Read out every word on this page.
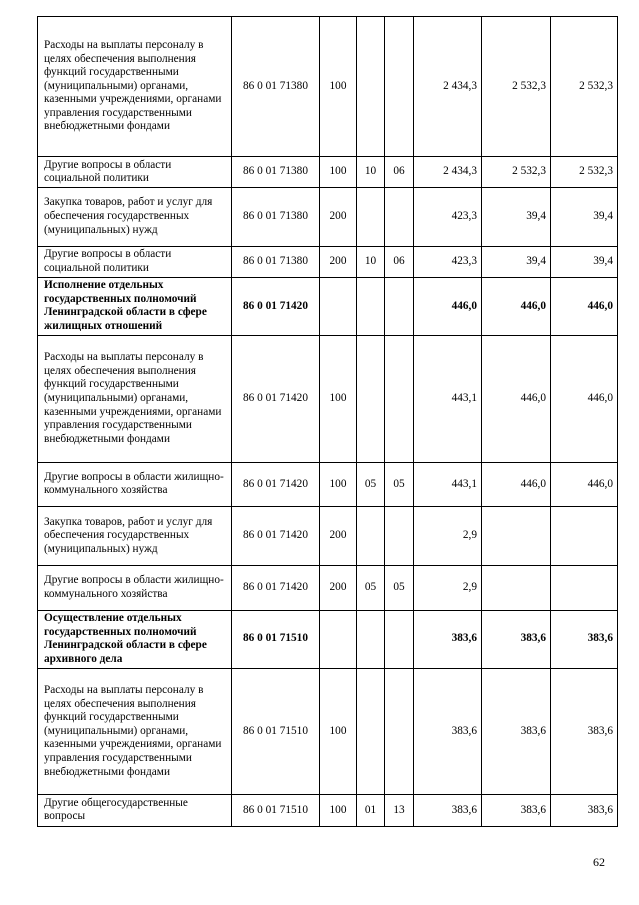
Расходы на выплаты персоналу в целях обеспечения выполнения функций государственными (муниципальными) органами, казенными учреждениями, органами управления государственными внебюджетными фондами	86 0 01 71380	100			2 434,3	2 532,3	2 532,3
Другие вопросы в области социальной политики	86 0 01 71380	100	10	06	2 434,3	2 532,3	2 532,3
Закупка товаров, работ и услуг для обеспечения государственных (муниципальных) нужд	86 0 01 71380	200			423,3	39,4	39,4
Другие вопросы в области социальной политики	86 0 01 71380	200	10	06	423,3	39,4	39,4
Исполнение отдельных государственных полномочий Ленинградской области в сфере жилищных отношений	86 0 01 71420				446,0	446,0	446,0
Расходы на выплаты персоналу в целях обеспечения выполнения функций государственными (муниципальными) органами, казенными учреждениями, органами управления государственными внебюджетными фондами	86 0 01 71420	100			443,1	446,0	446,0
Другие вопросы в области жилищно-коммунального хозяйства	86 0 01 71420	100	05	05	443,1	446,0	446,0
Закупка товаров, работ и услуг для обеспечения государственных (муниципальных) нужд	86 0 01 71420	200			2,9		
Другие вопросы в области жилищно-коммунального хозяйства	86 0 01 71420	200	05	05	2,9		
Осуществление отдельных государственных полномочий Ленинградской области в сфере архивного дела	86 0 01 71510				383,6	383,6	383,6
Расходы на выплаты персоналу в целях обеспечения выполнения функций государственными (муниципальными) органами, казенными учреждениями, органами управления государственными внебюджетными фондами	86 0 01 71510	100			383,6	383,6	383,6
Другие общегосударственные вопросы	86 0 01 71510	100	01	13	383,6	383,6	383,6
62
